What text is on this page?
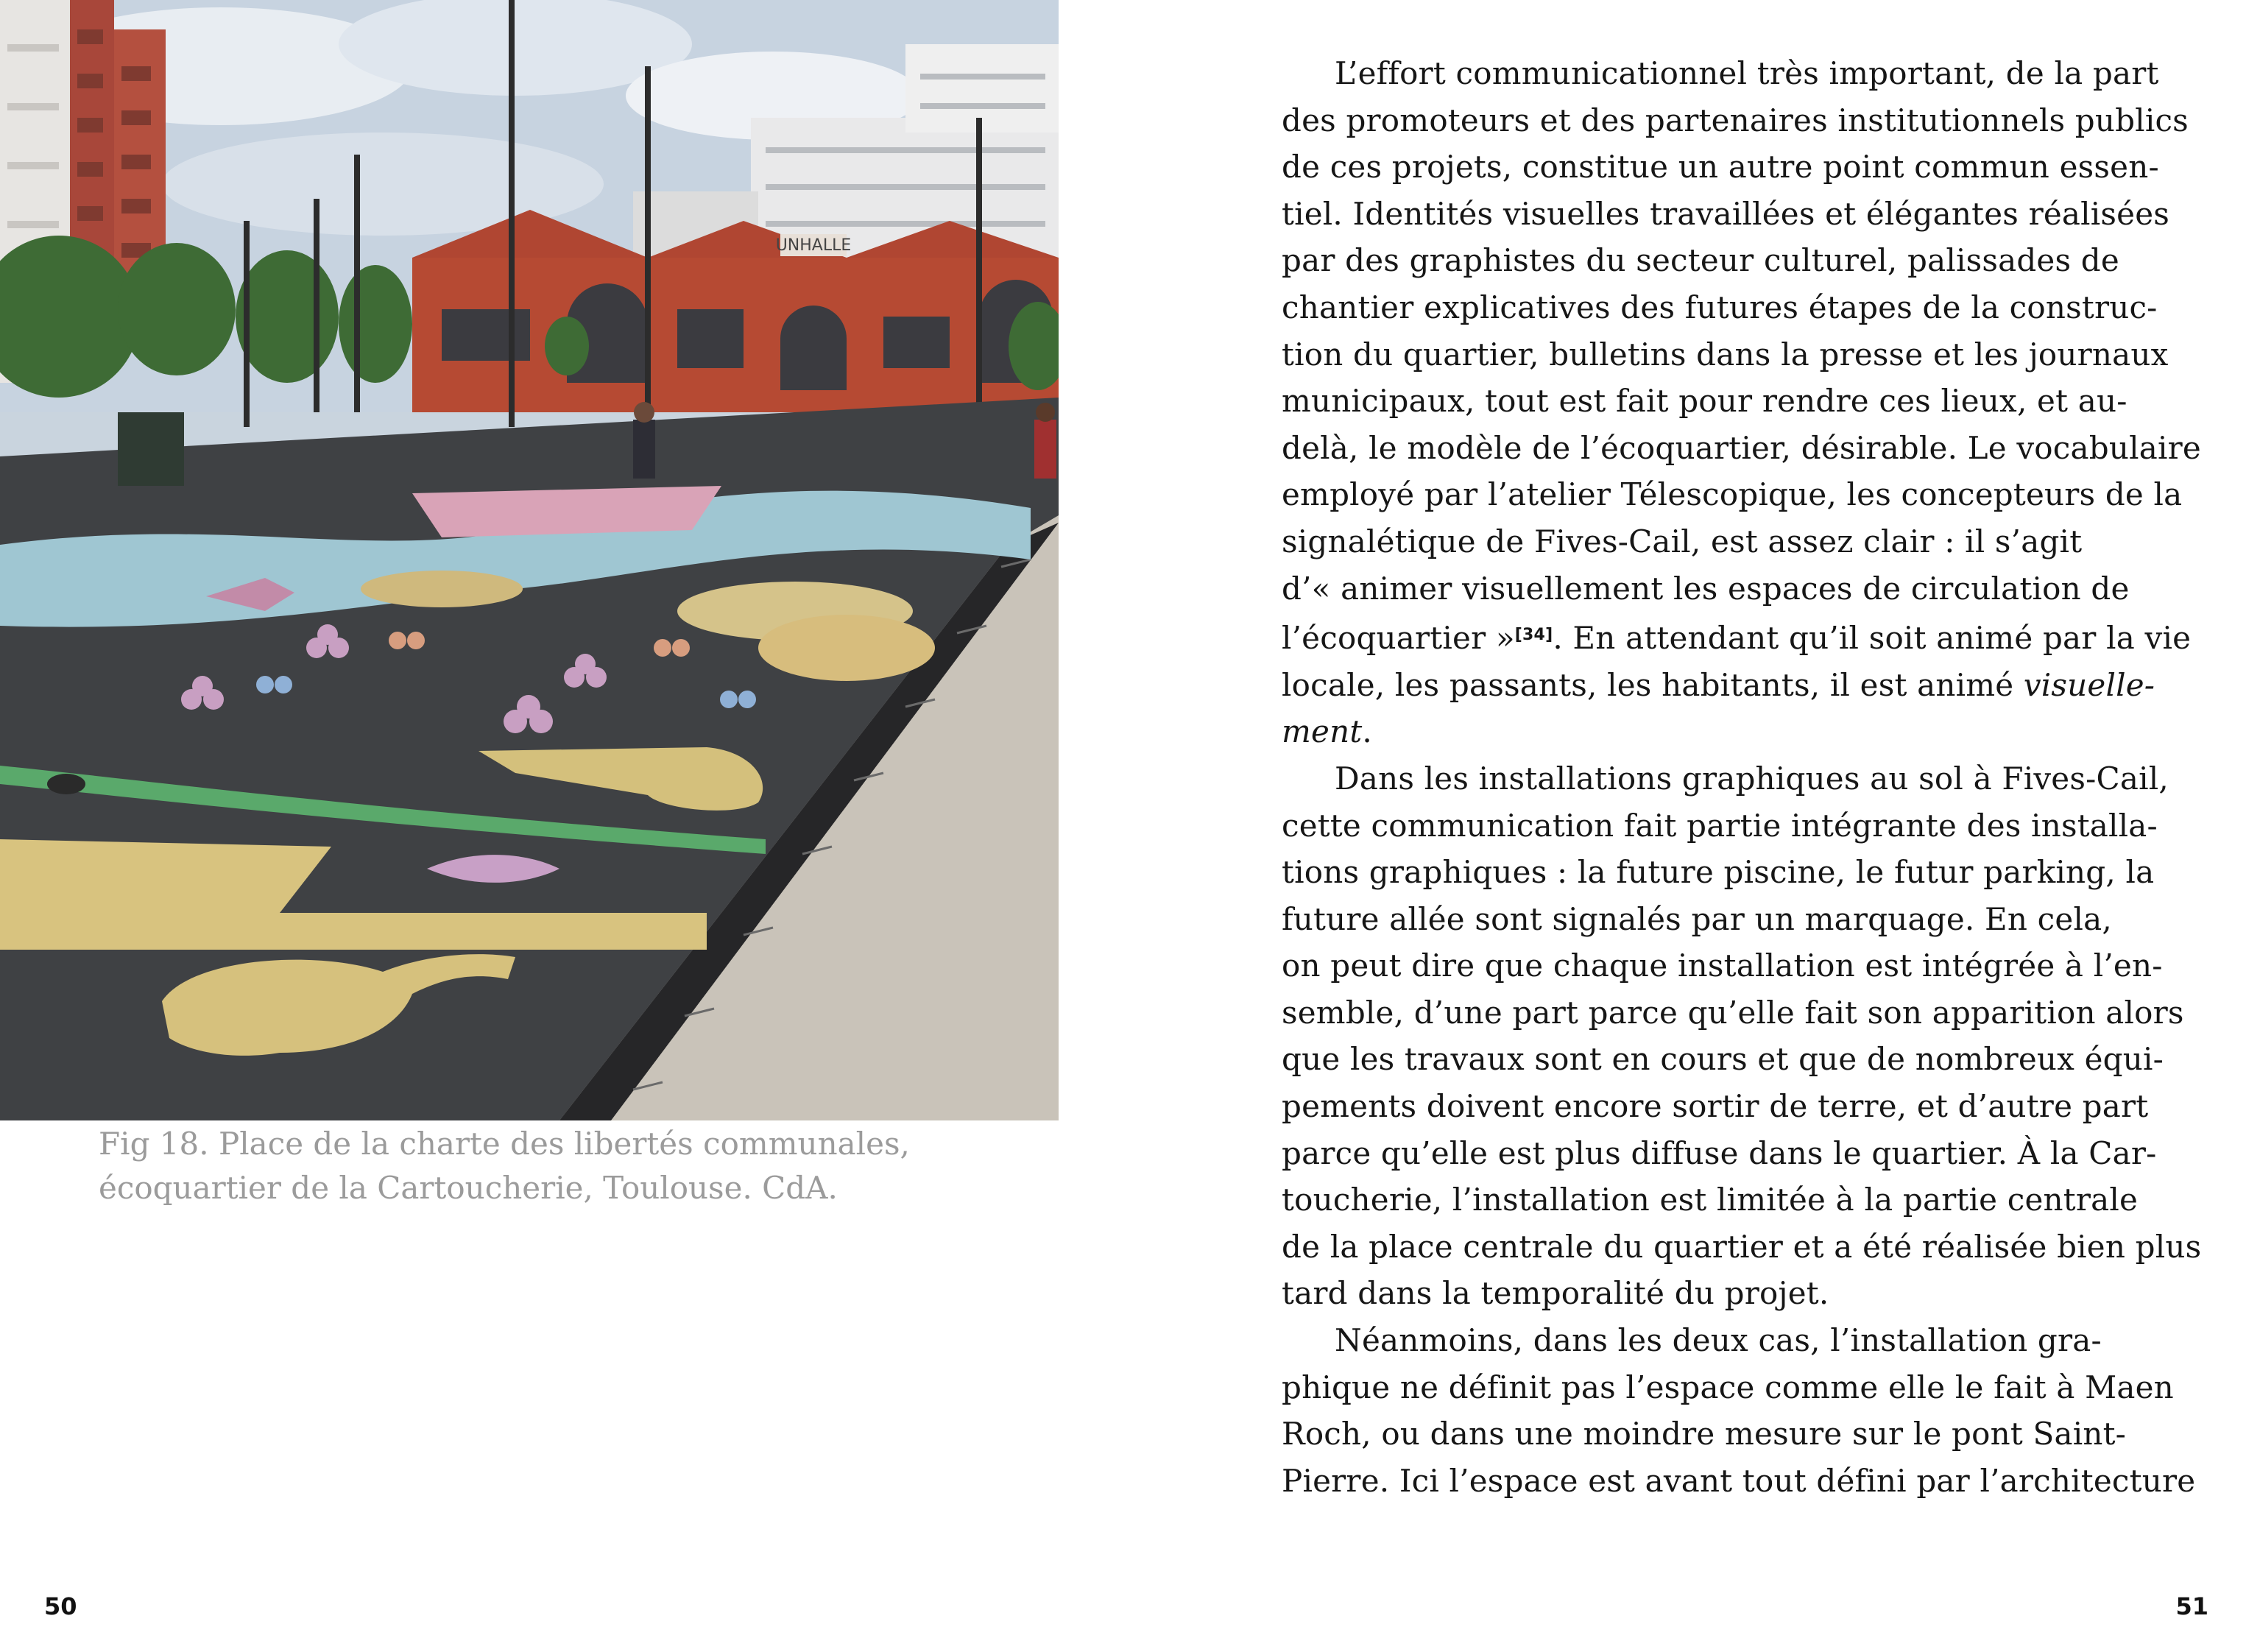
UNHALLE
Fig 18. Place de la charte des libertés communales,
écoquartier de la Cartoucherie, Toulouse. CdA.
50
L’effort communicationnel très important, de la part
des promoteurs et des partenaires institutionnels publics
de ces projets, constitue un autre point commun essen-
tiel. Identités visuelles travaillées et élégantes réalisées
par des graphistes du secteur culturel, palissades de
chantier explicatives des futures étapes de la construc-
tion du quartier, bulletins dans la presse et les journaux
municipaux, tout est fait pour rendre ces lieux, et au-
delà, le modèle de l’écoquartier, désirable. Le vocabulaire
employé par l’atelier Télescopique, les concepteurs de la
signalétique de Fives-Cail, est assez clair : il s’agit
d’« animer visuellement les espaces de circulation de
l’écoquartier »[34]. En attendant qu’il soit animé par la vie
locale, les passants, les habitants, il est animé visuelle-
ment.
Dans les installations graphiques au sol à Fives-Cail,
cette communication fait partie intégrante des installa-
tions graphiques : la future piscine, le futur parking, la
future allée sont signalés par un marquage. En cela,
on peut dire que chaque installation est intégrée à l’en-
semble, d’une part parce qu’elle fait son apparition alors
que les travaux sont en cours et que de nombreux équi-
pements doivent encore sortir de terre, et d’autre part
parce qu’elle est plus diffuse dans le quartier. À la Car-
toucherie, l’installation est limitée à la partie centrale
de la place centrale du quartier et a été réalisée bien plus
tard dans la temporalité du projet.
Néanmoins, dans les deux cas, l’installation gra-
phique ne définit pas l’espace comme elle le fait à Maen
Roch, ou dans une moindre mesure sur le pont Saint-
Pierre. Ici l’espace est avant tout défini par l’architecture
51
